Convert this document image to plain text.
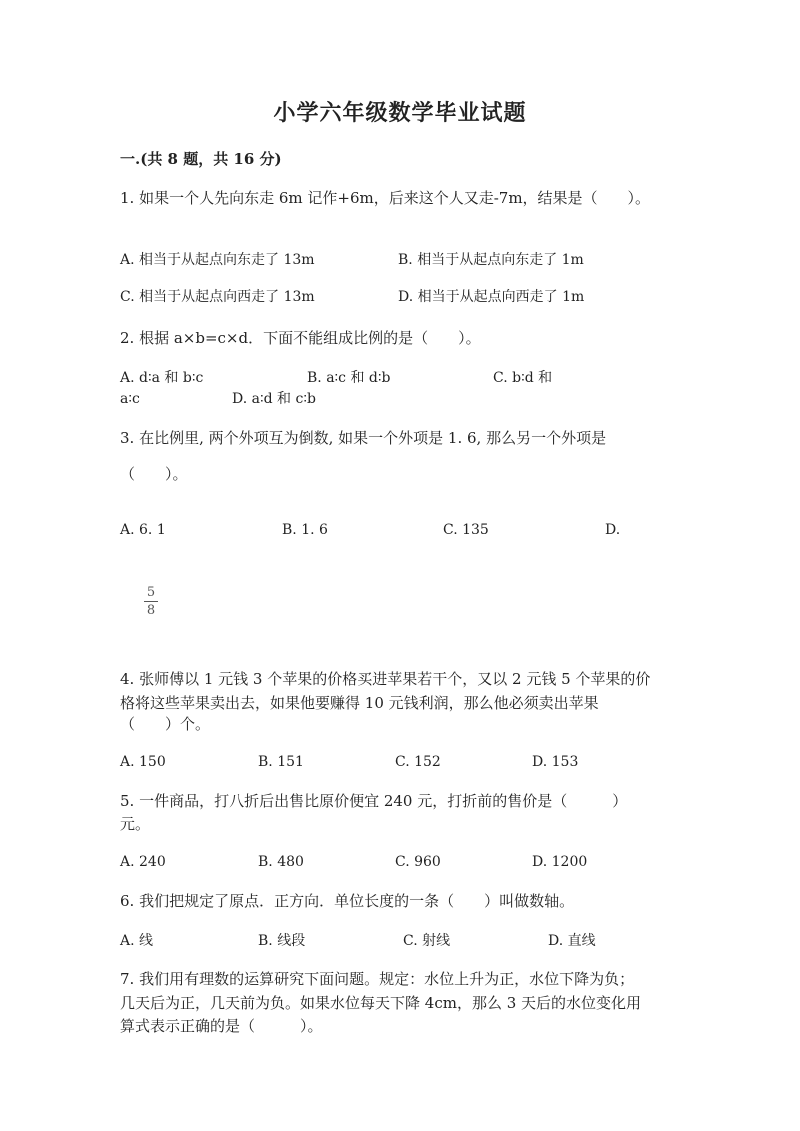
小学六年级数学毕业试题
一.(共 8 题，共 16 分)
1. 如果一个人先向东走 6m 记作+6m，后来这个人又走-7m，结果是（　　）。
A. 相当于从起点向东走了 13m	B. 相当于从起点向东走了 1m
C. 相当于从起点向西走了 13m	D. 相当于从起点向西走了 1m
2. 根据 a×b=c×d．下面不能组成比例的是（　　）。
A. d∶a 和 b∶c	B. a∶c 和 d∶b	C. b∶d 和
a∶c	D. a∶d 和 c∶b
3. 在比例里, 两个外项互为倒数, 如果一个外项是 1. 6, 那么另一个外项是
（　　）。
A. 6. 1	B. 1. 6	C. 135	D.
5
8
4. 张师傅以 1 元钱 3 个苹果的价格买进苹果若干个，又以 2 元钱 5 个苹果的价
格将这些苹果卖出去，如果他要赚得 10 元钱利润，那么他必须卖出苹果
（　　）个。
A. 150	B. 151	C. 152	D. 153
5. 一件商品，打八折后出售比原价便宜 240 元，打折前的售价是（　　　）
元。
A. 240	B. 480	C. 960	D. 1200
6. 我们把规定了原点．正方向．单位长度的一条（　　）叫做数轴。
A. 线	B. 线段	C. 射线	D. 直线
7. 我们用有理数的运算研究下面问题。规定：水位上升为正，水位下降为负；
几天后为正，几天前为负。如果水位每天下降 4cm，那么 3 天后的水位变化用
算式表示正确的是（　　　）。
